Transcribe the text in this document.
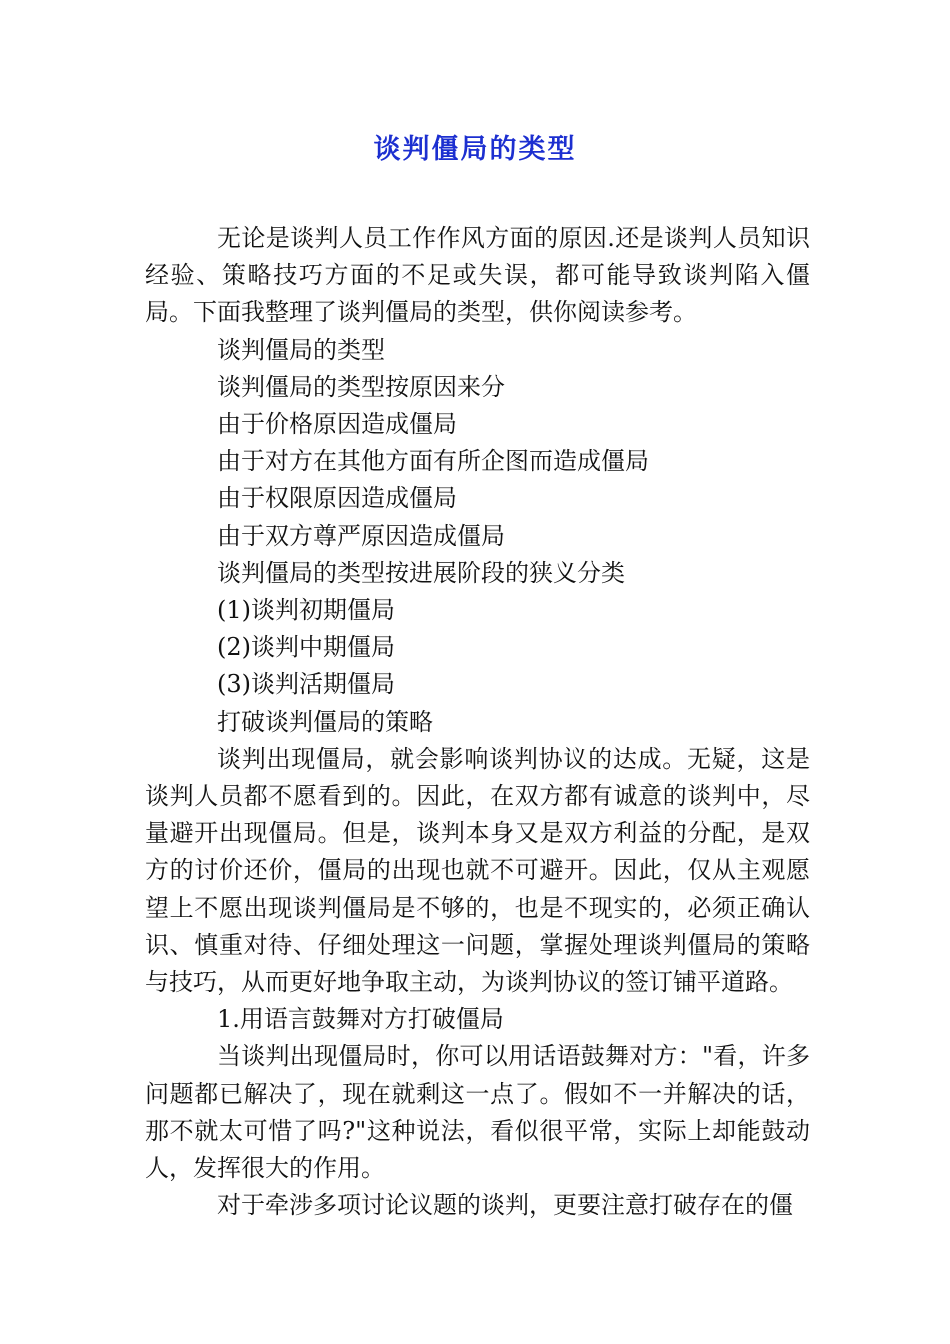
谈判僵局的类型

无论是谈判人员工作作风方面的原因.还是谈判人员知识经验、策略技巧方面的不足或失误，都可能导致谈判陷入僵局。下面我整理了谈判僵局的类型，供你阅读参考。

谈判僵局的类型

谈判僵局的类型按原因来分

由于价格原因造成僵局

由于对方在其他方面有所企图而造成僵局

由于权限原因造成僵局

由于双方尊严原因造成僵局

谈判僵局的类型按进展阶段的狭义分类

(1)谈判初期僵局

(2)谈判中期僵局

(3)谈判活期僵局

打破谈判僵局的策略

谈判出现僵局，就会影响谈判协议的达成。无疑，这是谈判人员都不愿看到的。因此，在双方都有诚意的谈判中，尽量避开出现僵局。但是，谈判本身又是双方利益的分配，是双方的讨价还价，僵局的出现也就不可避开。因此，仅从主观愿望上不愿出现谈判僵局是不够的，也是不现实的，必须正确认识、慎重对待、仔细处理这一问题，掌握处理谈判僵局的策略与技巧，从而更好地争取主动，为谈判协议的签订铺平道路。

1.用语言鼓舞对方打破僵局

当谈判出现僵局时，你可以用话语鼓舞对方："看，许多问题都已解决了，现在就剩这一点了。假如不一并解决的话，那不就太可惜了吗?"这种说法，看似很平常，实际上却能鼓动人，发挥很大的作用。

对于牵涉多项讨论议题的谈判，更要注意打破存在的僵
